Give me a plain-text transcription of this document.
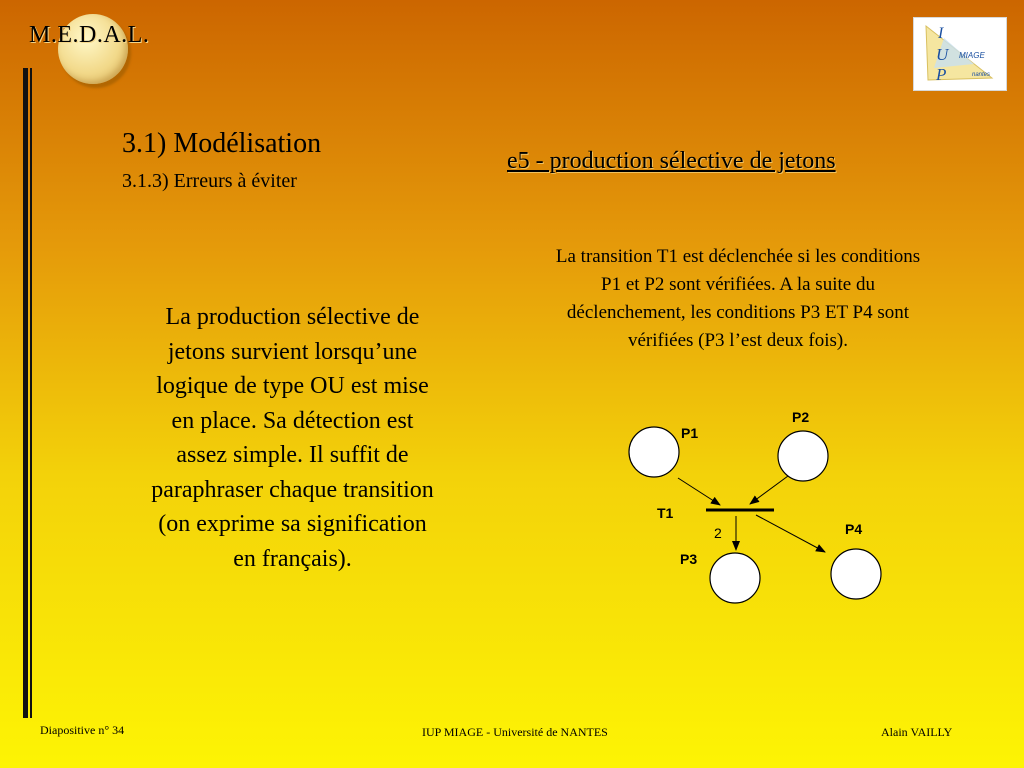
M.E.D.A.L.	I
U
P
MIAGE
nantes
3.1) Modélisation
3.1.3) Erreurs à éviter
e5 - production sélective de jetons
La transition T1 est déclenchée si les conditions P1 et P2 sont vérifiées. A la suite du déclenchement, les conditions P3 ET P4 sont vérifiées (P3 l’est deux fois).
La production sélective de jetons survient lorsqu’une logique de type OU est mise en place. Sa détection est assez simple. Il suffit de paraphraser chaque transition (on exprime sa signification en français).
P1
P2
P3
P4
T1
2
Diapositive n° 34	IUP MIAGE - Université de NANTES	Alain VAILLY
